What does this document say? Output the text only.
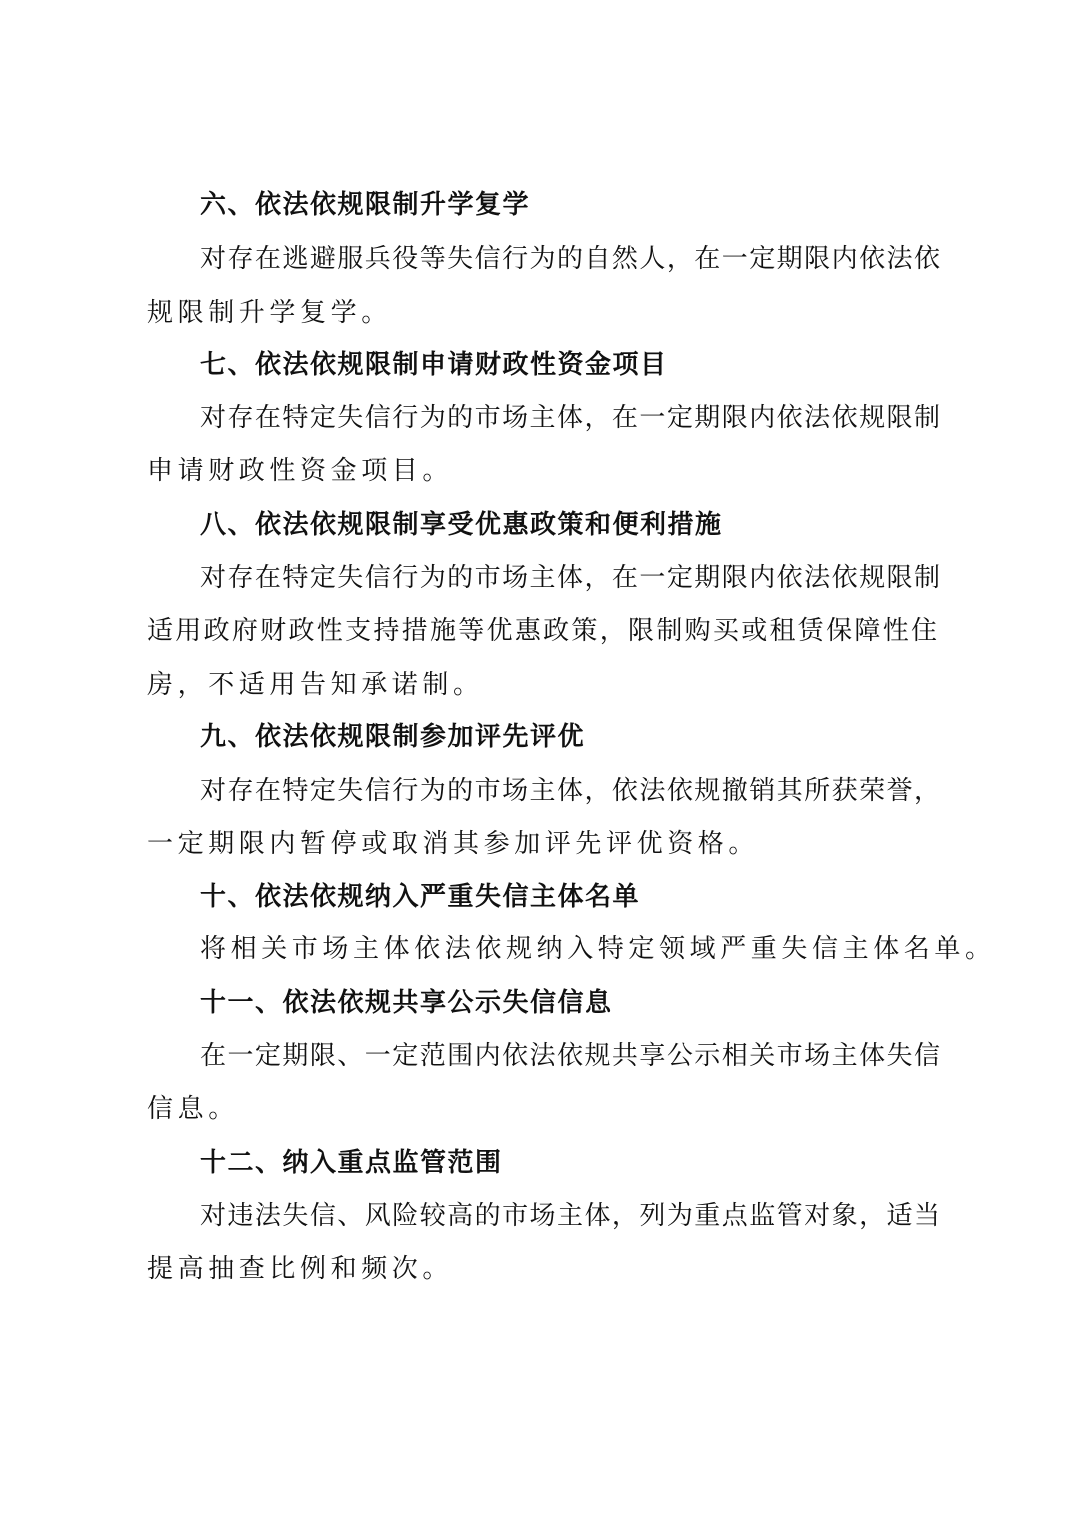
六、依法依规限制升学复学
对存在逃避服兵役等失信行为的自然人，在一定期限内依法依
规限制升学复学。
七、依法依规限制申请财政性资金项目
对存在特定失信行为的市场主体，在一定期限内依法依规限制
申请财政性资金项目。
八、依法依规限制享受优惠政策和便利措施
对存在特定失信行为的市场主体，在一定期限内依法依规限制
适用政府财政性支持措施等优惠政策，限制购买或租赁保障性住
房，不适用告知承诺制。
九、依法依规限制参加评先评优
对存在特定失信行为的市场主体，依法依规撤销其所获荣誉，
一定期限内暂停或取消其参加评先评优资格。
十、依法依规纳入严重失信主体名单
将相关市场主体依法依规纳入特定领域严重失信主体名单。
十一、依法依规共享公示失信信息
在一定期限、一定范围内依法依规共享公示相关市场主体失信
信息。
十二、纳入重点监管范围
对违法失信、风险较高的市场主体，列为重点监管对象，适当
提高抽查比例和频次。
